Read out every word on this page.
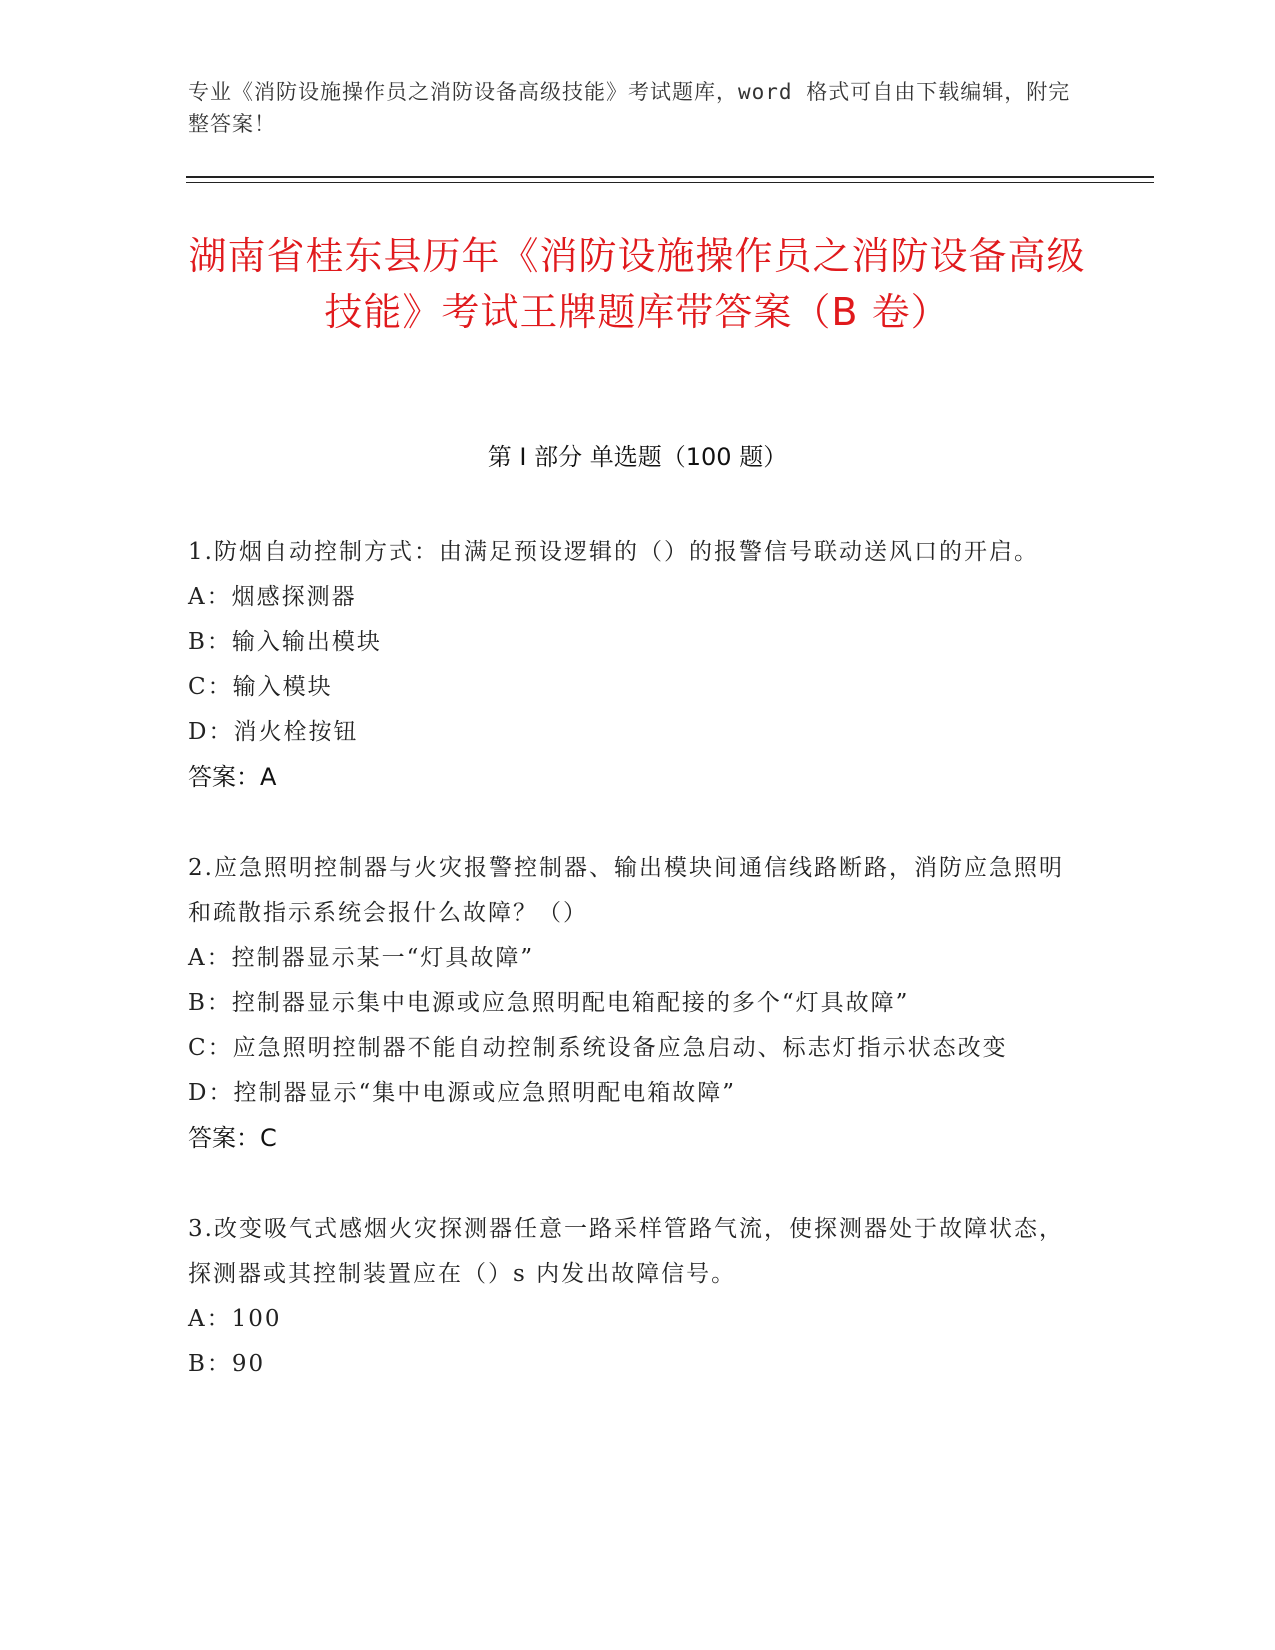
专业《消防设施操作员之消防设备高级技能》考试题库，word 格式可自由下载编辑，附完整答案！
湖南省桂东县历年《消防设施操作员之消防设备高级技能》考试王牌题库带答案（B 卷）
第 I 部分 单选题（100 题）

1.防烟自动控制方式：由满足预设逻辑的（）的报警信号联动送风口的开启。

A：烟感探测器

B：输入输出模块

C：输入模块

D：消火栓按钮

答案：A

2.应急照明控制器与火灾报警控制器、输出模块间通信线路断路，消防应急照明和疏散指示系统会报什么故障？（）

A：控制器显示某一“灯具故障”

B：控制器显示集中电源或应急照明配电箱配接的多个“灯具故障”

C：应急照明控制器不能自动控制系统设备应急启动、标志灯指示状态改变

D：控制器显示“集中电源或应急照明配电箱故障”

答案：C

3.改变吸气式感烟火灾探测器任意一路采样管路气流，使探测器处于故障状态，探测器或其控制装置应在（）s 内发出故障信号。

A：100

B：90
